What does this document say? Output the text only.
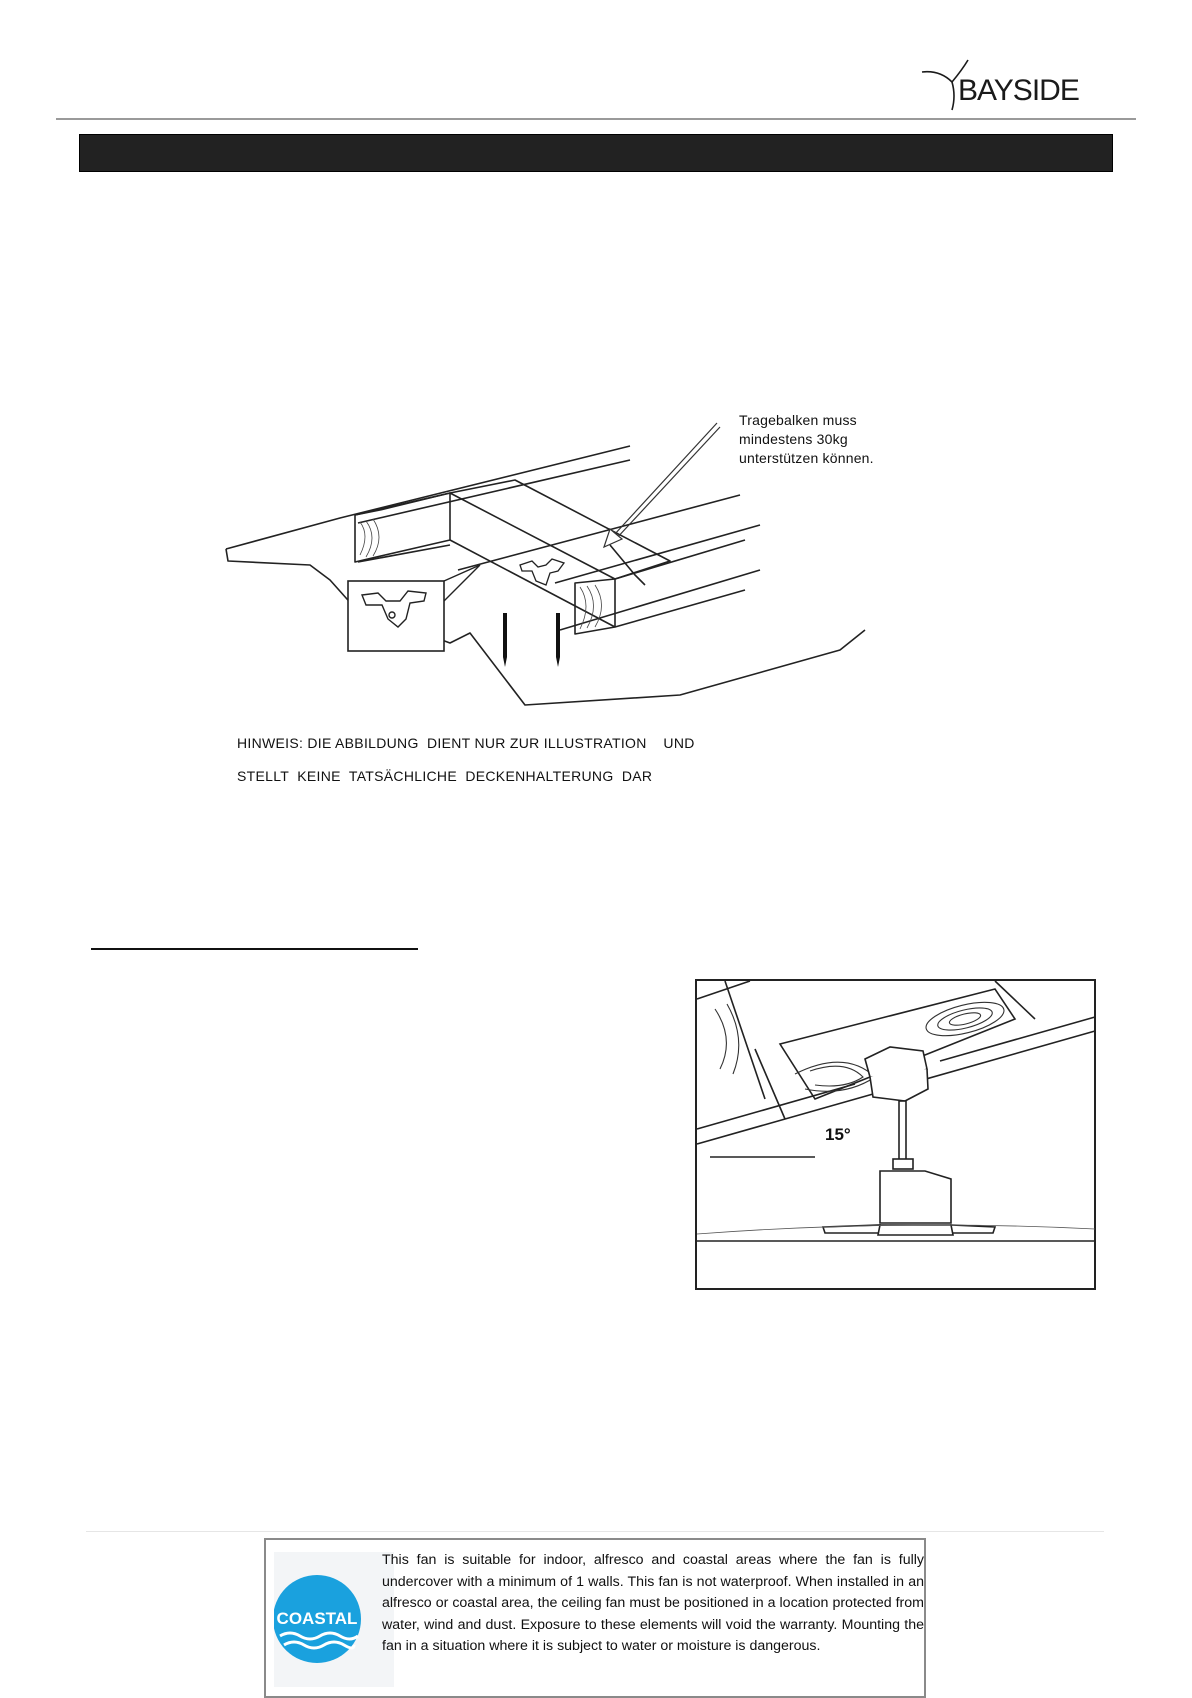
BAYSIDE
Tragebalken muss
mindestens 30kg
unterstützen können.
HINWEIS: DIE ABBILDUNG  DIENT NUR ZUR ILLUSTRATION    UND
STELLT  KEINE  TATSÄCHLICHE  DECKENHALTERUNG  DAR
15°
COASTAL
This fan is suitable for indoor, alfresco and coastal areas where the fan is fully undercover with a minimum of 1 walls. This fan is not waterproof. When installed in an alfresco or coastal area, the ceiling fan must be positioned in a location protected from water, wind and dust. Exposure to these elements will void the warranty. Mounting the fan in a situation where it is subject to water or moisture is dangerous.
